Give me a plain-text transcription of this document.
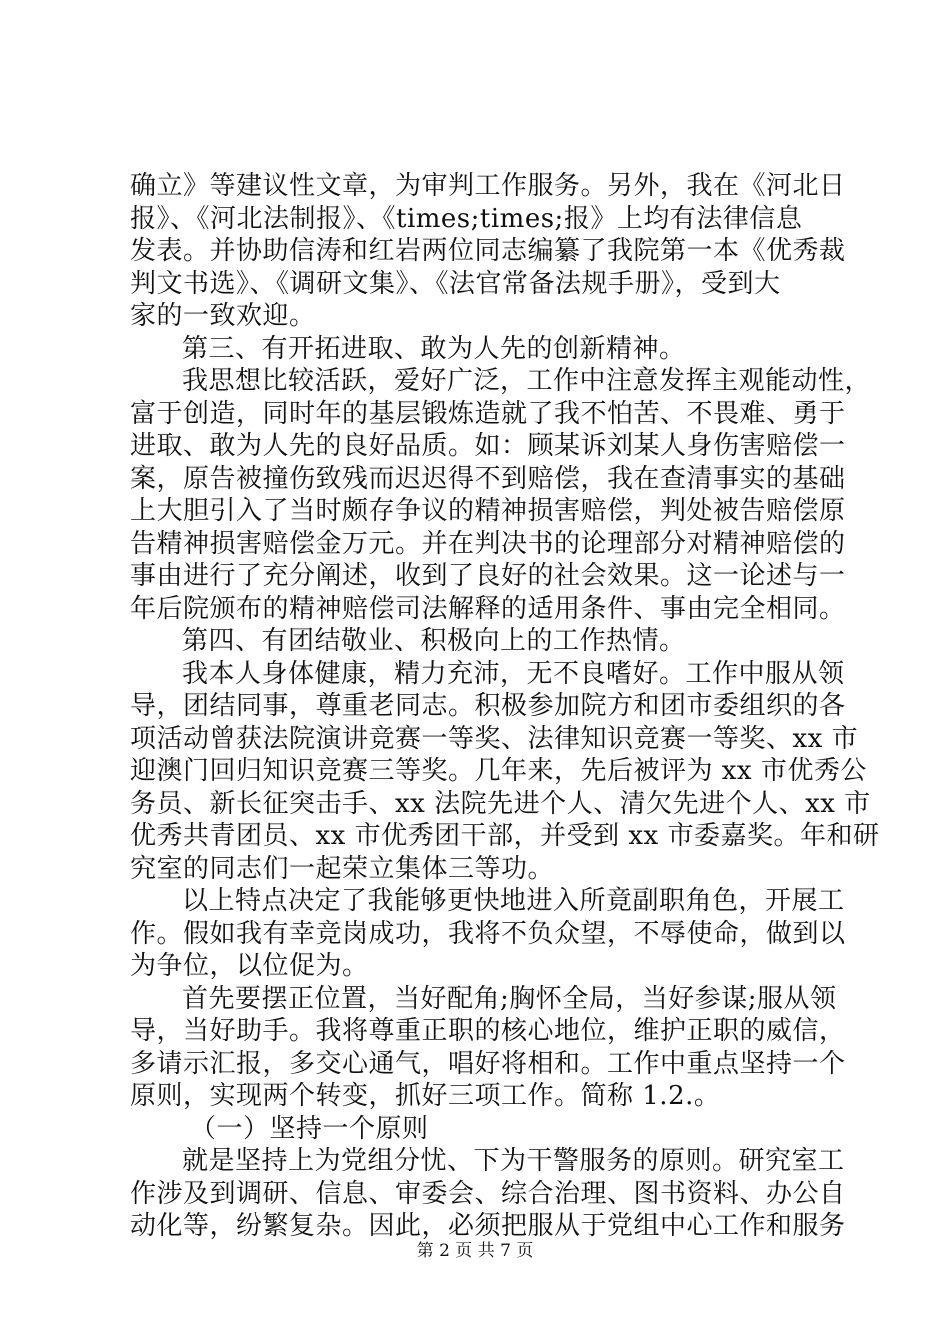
确立》等建议性文章，为审判工作服务。另外，我在《河北日
报》、《河北法制报》、《times;times;报》上均有法律信息
发表。并协助信涛和红岩两位同志编纂了我院第一本《优秀裁
判文书选》、《调研文集》、《法官常备法规手册》，受到大
家的一致欢迎。
第三、有开拓进取、敢为人先的创新精神。
我思想比较活跃，爱好广泛，工作中注意发挥主观能动性，
富于创造，同时年的基层锻炼造就了我不怕苦、不畏难、勇于
进取、敢为人先的良好品质。如：顾某诉刘某人身伤害赔偿一
案，原告被撞伤致残而迟迟得不到赔偿，我在查清事实的基础
上大胆引入了当时颇存争议的精神损害赔偿，判处被告赔偿原
告精神损害赔偿金万元。并在判决书的论理部分对精神赔偿的
事由进行了充分阐述，收到了良好的社会效果。这一论述与一
年后院颁布的精神赔偿司法解释的适用条件、事由完全相同。
第四、有团结敬业、积极向上的工作热情。
我本人身体健康，精力充沛，无不良嗜好。工作中服从领
导，团结同事，尊重老同志。积极参加院方和团市委组织的各
项活动曾获法院演讲竞赛一等奖、法律知识竞赛一等奖、xx 市
迎澳门回归知识竞赛三等奖。几年来，先后被评为 xx 市优秀公
务员、新长征突击手、xx 法院先进个人、清欠先进个人、xx 市
优秀共青团员、xx 市优秀团干部，并受到 xx 市委嘉奖。年和研
究室的同志们一起荣立集体三等功。
以上特点决定了我能够更快地进入所竟副职角色，开展工
作。假如我有幸竞岗成功，我将不负众望，不辱使命，做到以
为争位，以位促为。
首先要摆正位置，当好配角;胸怀全局，当好参谋;服从领
导，当好助手。我将尊重正职的核心地位，维护正职的威信，
多请示汇报，多交心通气，唱好将相和。工作中重点坚持一个
原则，实现两个转变，抓好三项工作。简称 1.2.。
（一）坚持一个原则
就是坚持上为党组分忧、下为干警服务的原则。研究室工
作涉及到调研、信息、审委会、综合治理、图书资料、办公自
动化等，纷繁复杂。因此，必须把服从于党组中心工作和服务
第 2 页 共 7 页
